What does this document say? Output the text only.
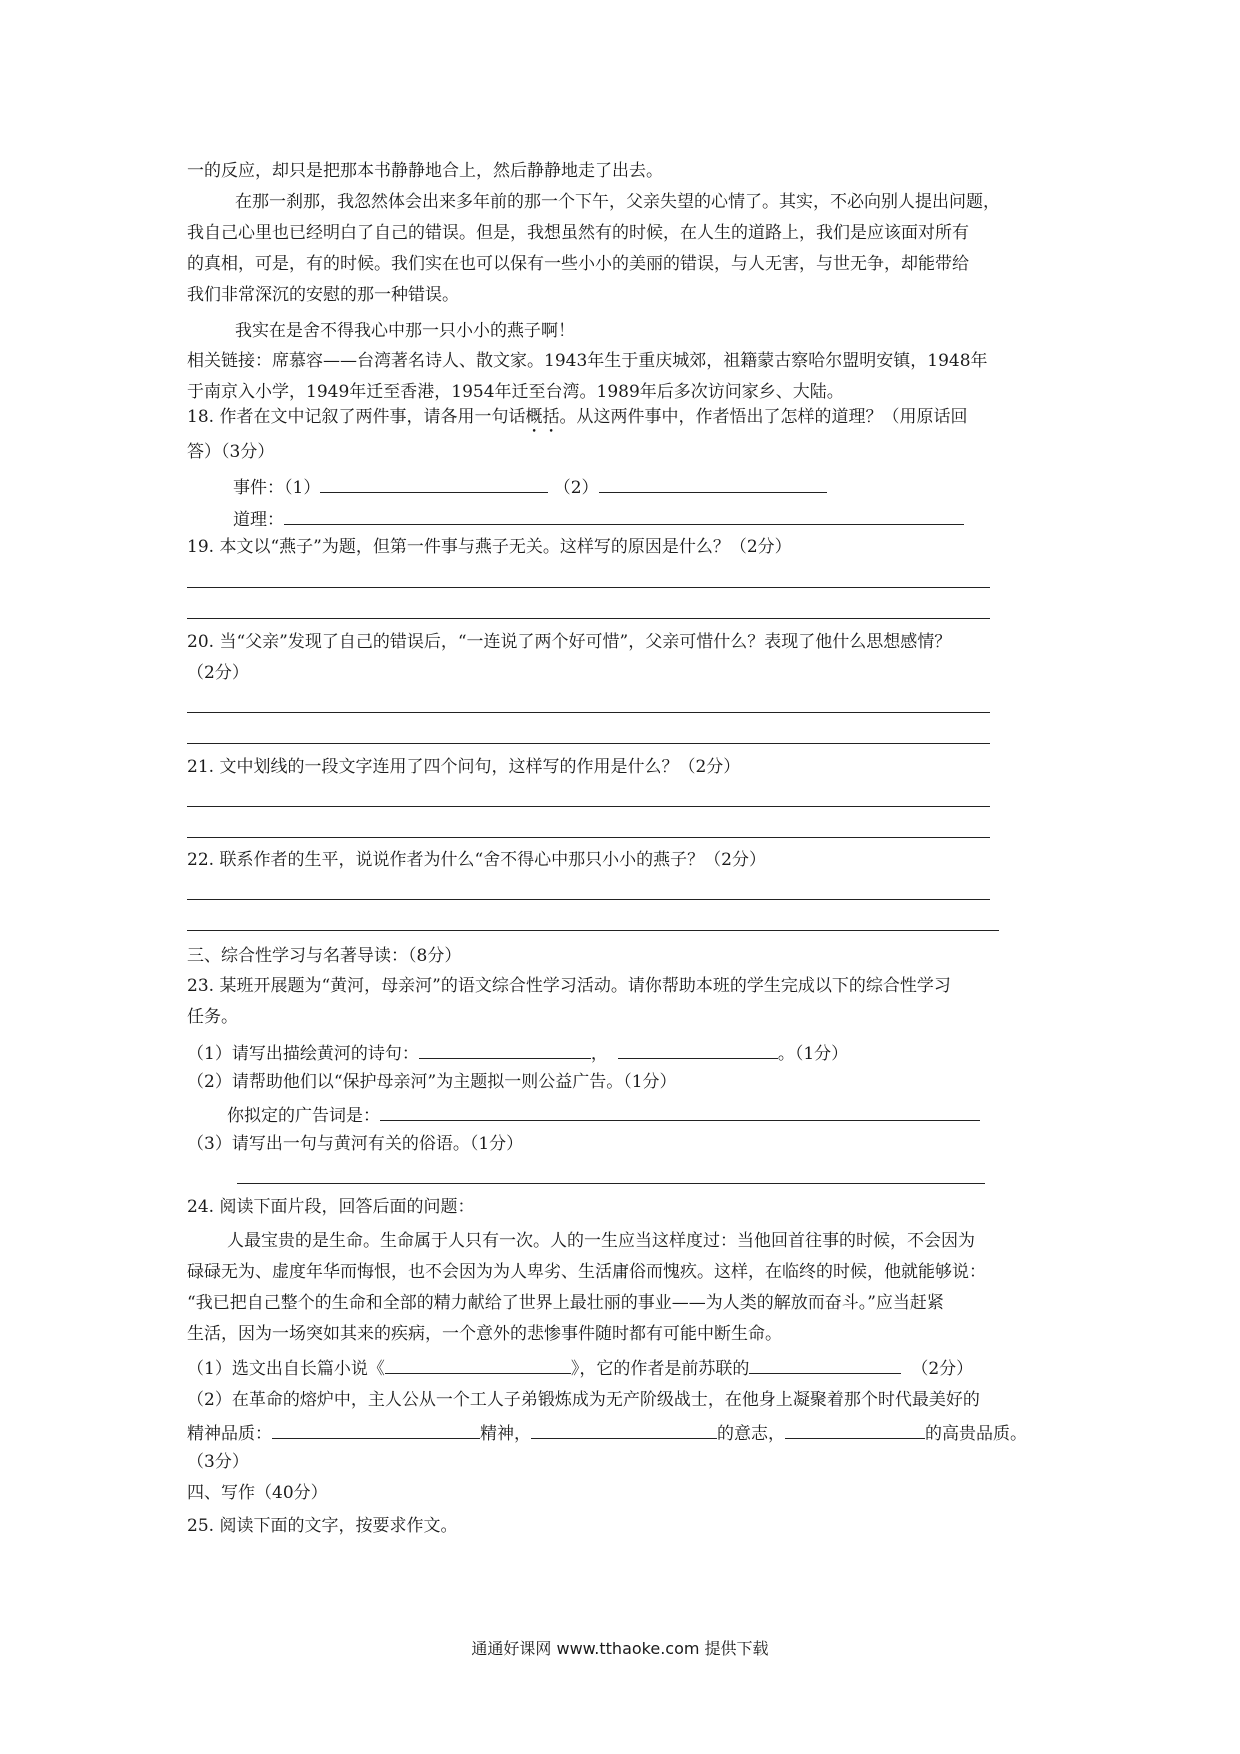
一的反应，却只是把那本书静静地合上，然后静静地走了出去。
在那一刹那，我忽然体会出来多年前的那一个下午，父亲失望的心情了。其实，不必向别人提出问题，
我自己心里也已经明白了自己的错误。但是，我想虽然有的时候，在人生的道路上，我们是应该面对所有
的真相，可是，有的时候。我们实在也可以保有一些小小的美丽的错误，与人无害，与世无争，却能带给
我们非常深沉的安慰的那一种错误。
我实在是舍不得我心中那一只小小的燕子啊！
相关链接：席慕容——台湾著名诗人、散文家。1943年生于重庆城郊，祖籍蒙古察哈尔盟明安镇，1948年
于南京入小学，1949年迁至香港，1954年迁至台湾。1989年后多次访问家乡、大陆。
18. 作者在文中记叙了两件事，请各用一句话概括。从这两件事中，作者悟出了怎样的道理？（用原话回
答）（3分）
事件：（1）	（2）
道理：
19. 本文以“燕子”为题，但第一件事与燕子无关。这样写的原因是什么？（2分）
20. 当“父亲”发现了自己的错误后，“一连说了两个好可惜”，父亲可惜什么？表现了他什么思想感情？
（2分）
21. 文中划线的一段文字连用了四个问句，这样写的作用是什么？（2分）
22. 联系作者的生平，说说作者为什么“舍不得心中那只小小的燕子？（2分）
三、综合性学习与名著导读：（8分）
23. 某班开展题为“黄河，母亲河”的语文综合性学习活动。请你帮助本班的学生完成以下的综合性学习
任务。
（1）请写出描绘黄河的诗句：	，	。（1分）
（2）请帮助他们以“保护母亲河”为主题拟一则公益广告。（1分）
你拟定的广告词是：
（3）请写出一句与黄河有关的俗语。（1分）
24. 阅读下面片段，回答后面的问题：
人最宝贵的是生命。生命属于人只有一次。人的一生应当这样度过：当他回首往事的时候，不会因为
碌碌无为、虚度年华而悔恨，也不会因为为人卑劣、生活庸俗而愧疚。这样，在临终的时候，他就能够说：
“我已把自己整个的生命和全部的精力献给了世界上最壮丽的事业——为人类的解放而奋斗。”应当赶紧
生活，因为一场突如其来的疾病，一个意外的悲惨事件随时都有可能中断生命。
（1）选文出自长篇小说《	》，它的作者是前苏联的	（2分）
（2）在革命的熔炉中，主人公从一个工人子弟锻炼成为无产阶级战士，在他身上凝聚着那个时代最美好的
精神品质：	精神，	的意志，	的高贵品质。
（3分）
四、写作（40分）
25. 阅读下面的文字，按要求作文。
通通好课网 www.tthaoke.com 提供下载
